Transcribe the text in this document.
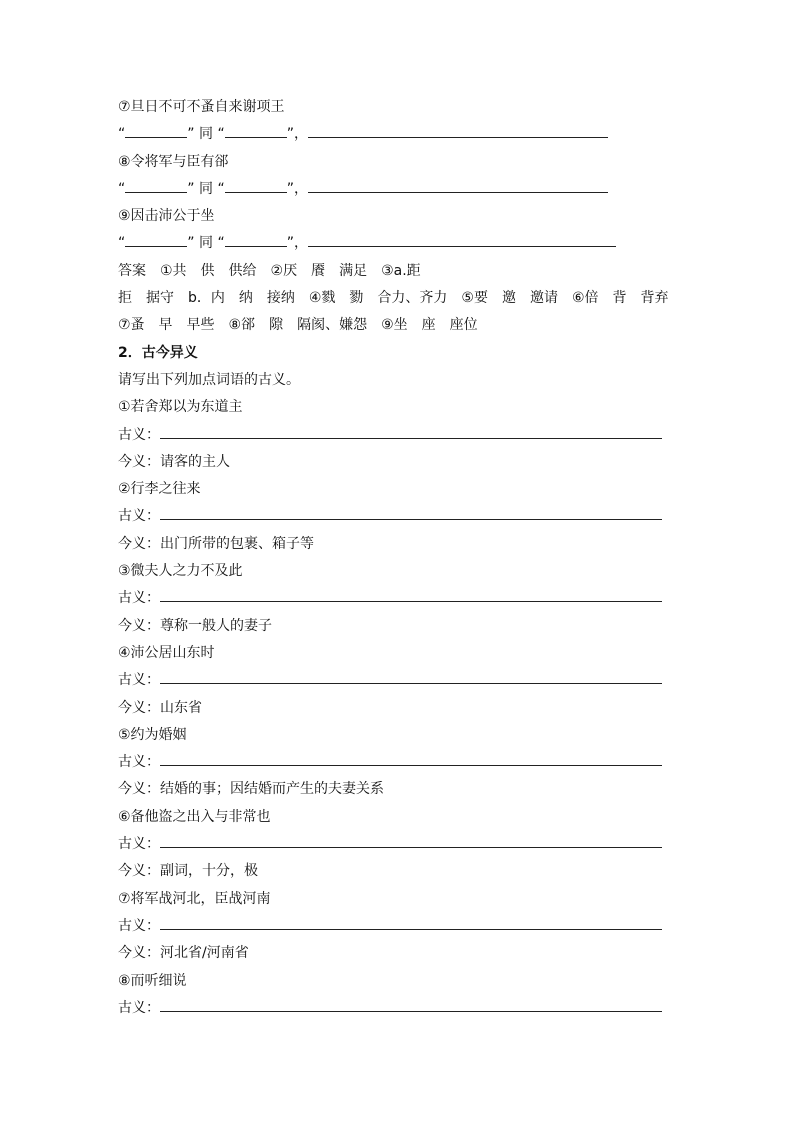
⑦旦日不可不蚤自来谢项王
“	” 同 “	”，
⑧令将军与臣有郤
“	” 同 “	”，
⑨因击沛公于坐
“	” 同 “	”，
答案　①共　供　供给　②厌　餍　满足　③a.距
拒　据守　b．内　纳　接纳　④戮　勠　合力、齐力　⑤要　邀　邀请　⑥倍　背　背弃
⑦蚤　早　早些　⑧郤　隙　隔阂、嫌怨　⑨坐　座　座位
2．古今异义
请写出下列加点词语的古义。
①若舍郑以为东道主
古义：
今义：请客的主人
②行李之往来
古义：
今义：出门所带的包裹、箱子等
③微夫人之力不及此
古义：
今义：尊称一般人的妻子
④沛公居山东时
古义：
今义：山东省
⑤约为婚姻
古义：
今义：结婚的事；因结婚而产生的夫妻关系
⑥备他盗之出入与非常也
古义：
今义：副词，十分，极
⑦将军战河北，臣战河南
古义：
今义：河北省/河南省
⑧而听细说
古义：
